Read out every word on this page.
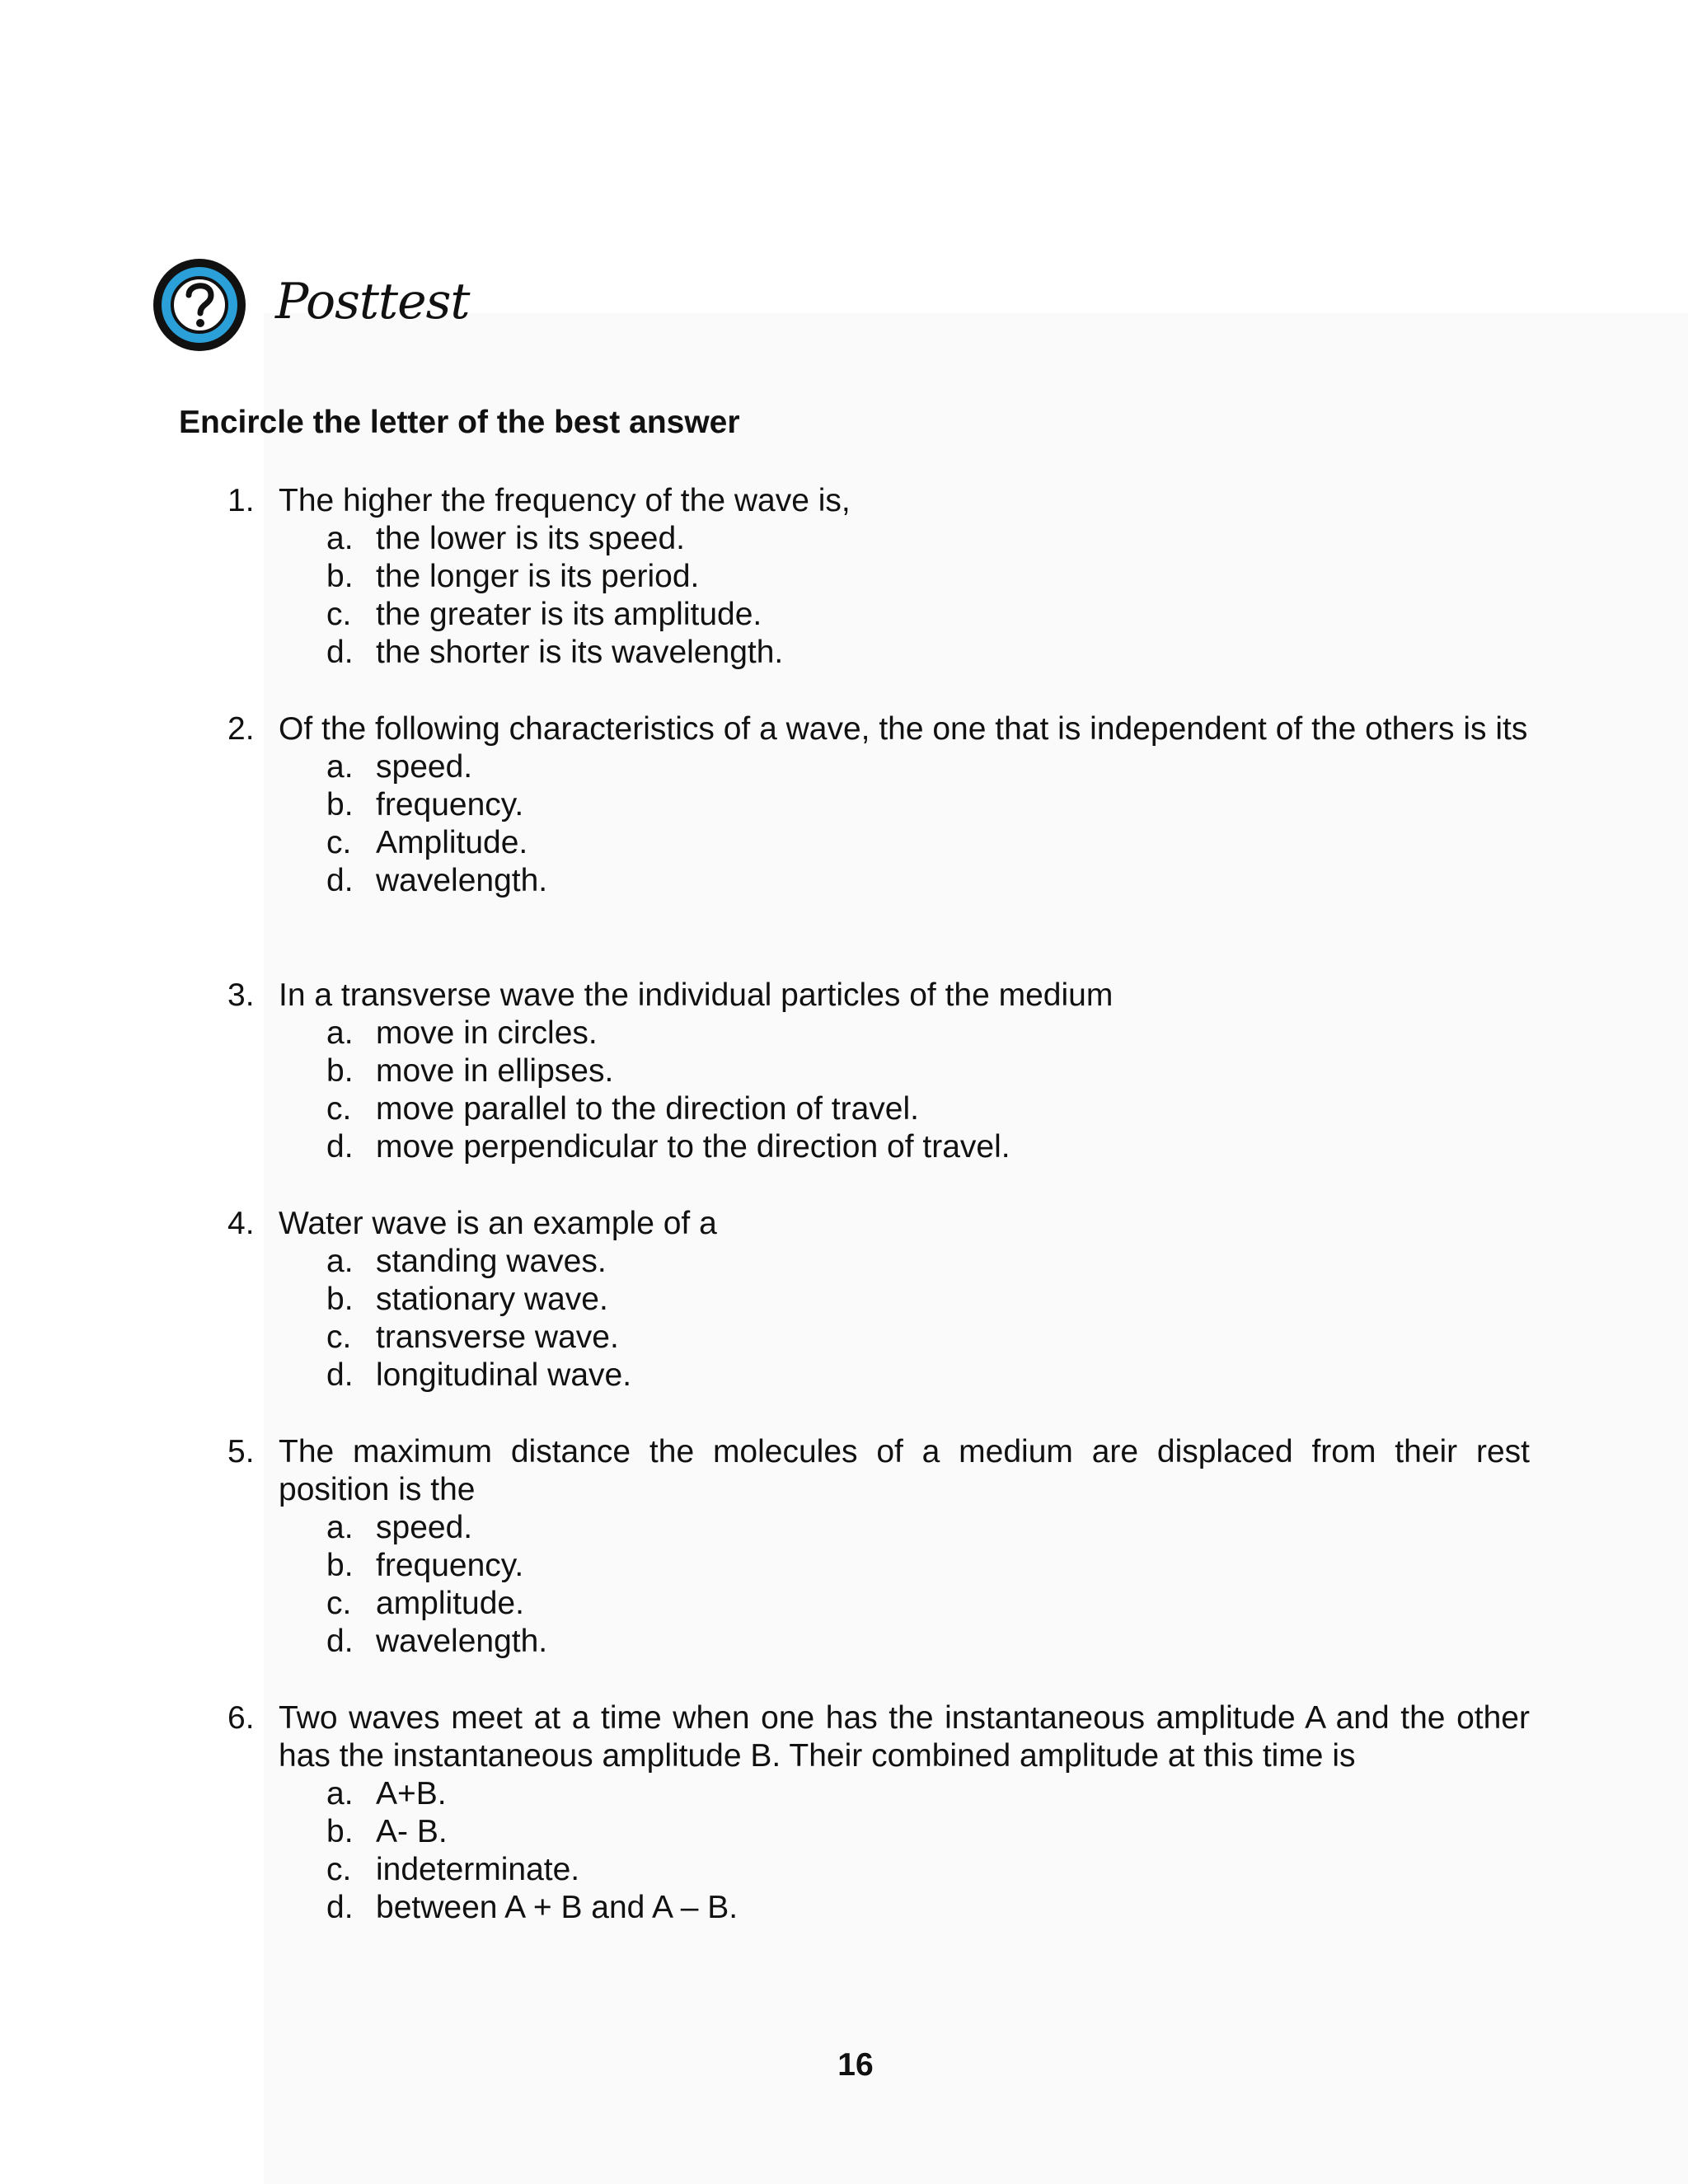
Posttest
Encircle the letter of the best answer
1. The higher the frequency of the wave is,
a. the lower is its speed.
b. the longer is its period.
c. the greater is its amplitude.
d. the shorter is its wavelength.
2. Of the following characteristics of a wave, the one that is independent of the others is its
a. speed.
b. frequency.
c. Amplitude.
d. wavelength.
3. In a transverse wave the individual particles of the medium
a. move in circles.
b. move in ellipses.
c. move parallel to the direction of travel.
d. move perpendicular to the direction of travel.
4. Water wave is an example of a
a. standing waves.
b. stationary wave.
c. transverse wave.
d. longitudinal wave.
5. The maximum distance the molecules of a medium are displaced from their rest position is the
a. speed.
b. frequency.
c. amplitude.
d. wavelength.
6. Two waves meet at a time when one has the instantaneous amplitude A and the other has the instantaneous amplitude B. Their combined amplitude at this time is
a. A+B.
b. A- B.
c. indeterminate.
d. between A + B and A – B.
16
